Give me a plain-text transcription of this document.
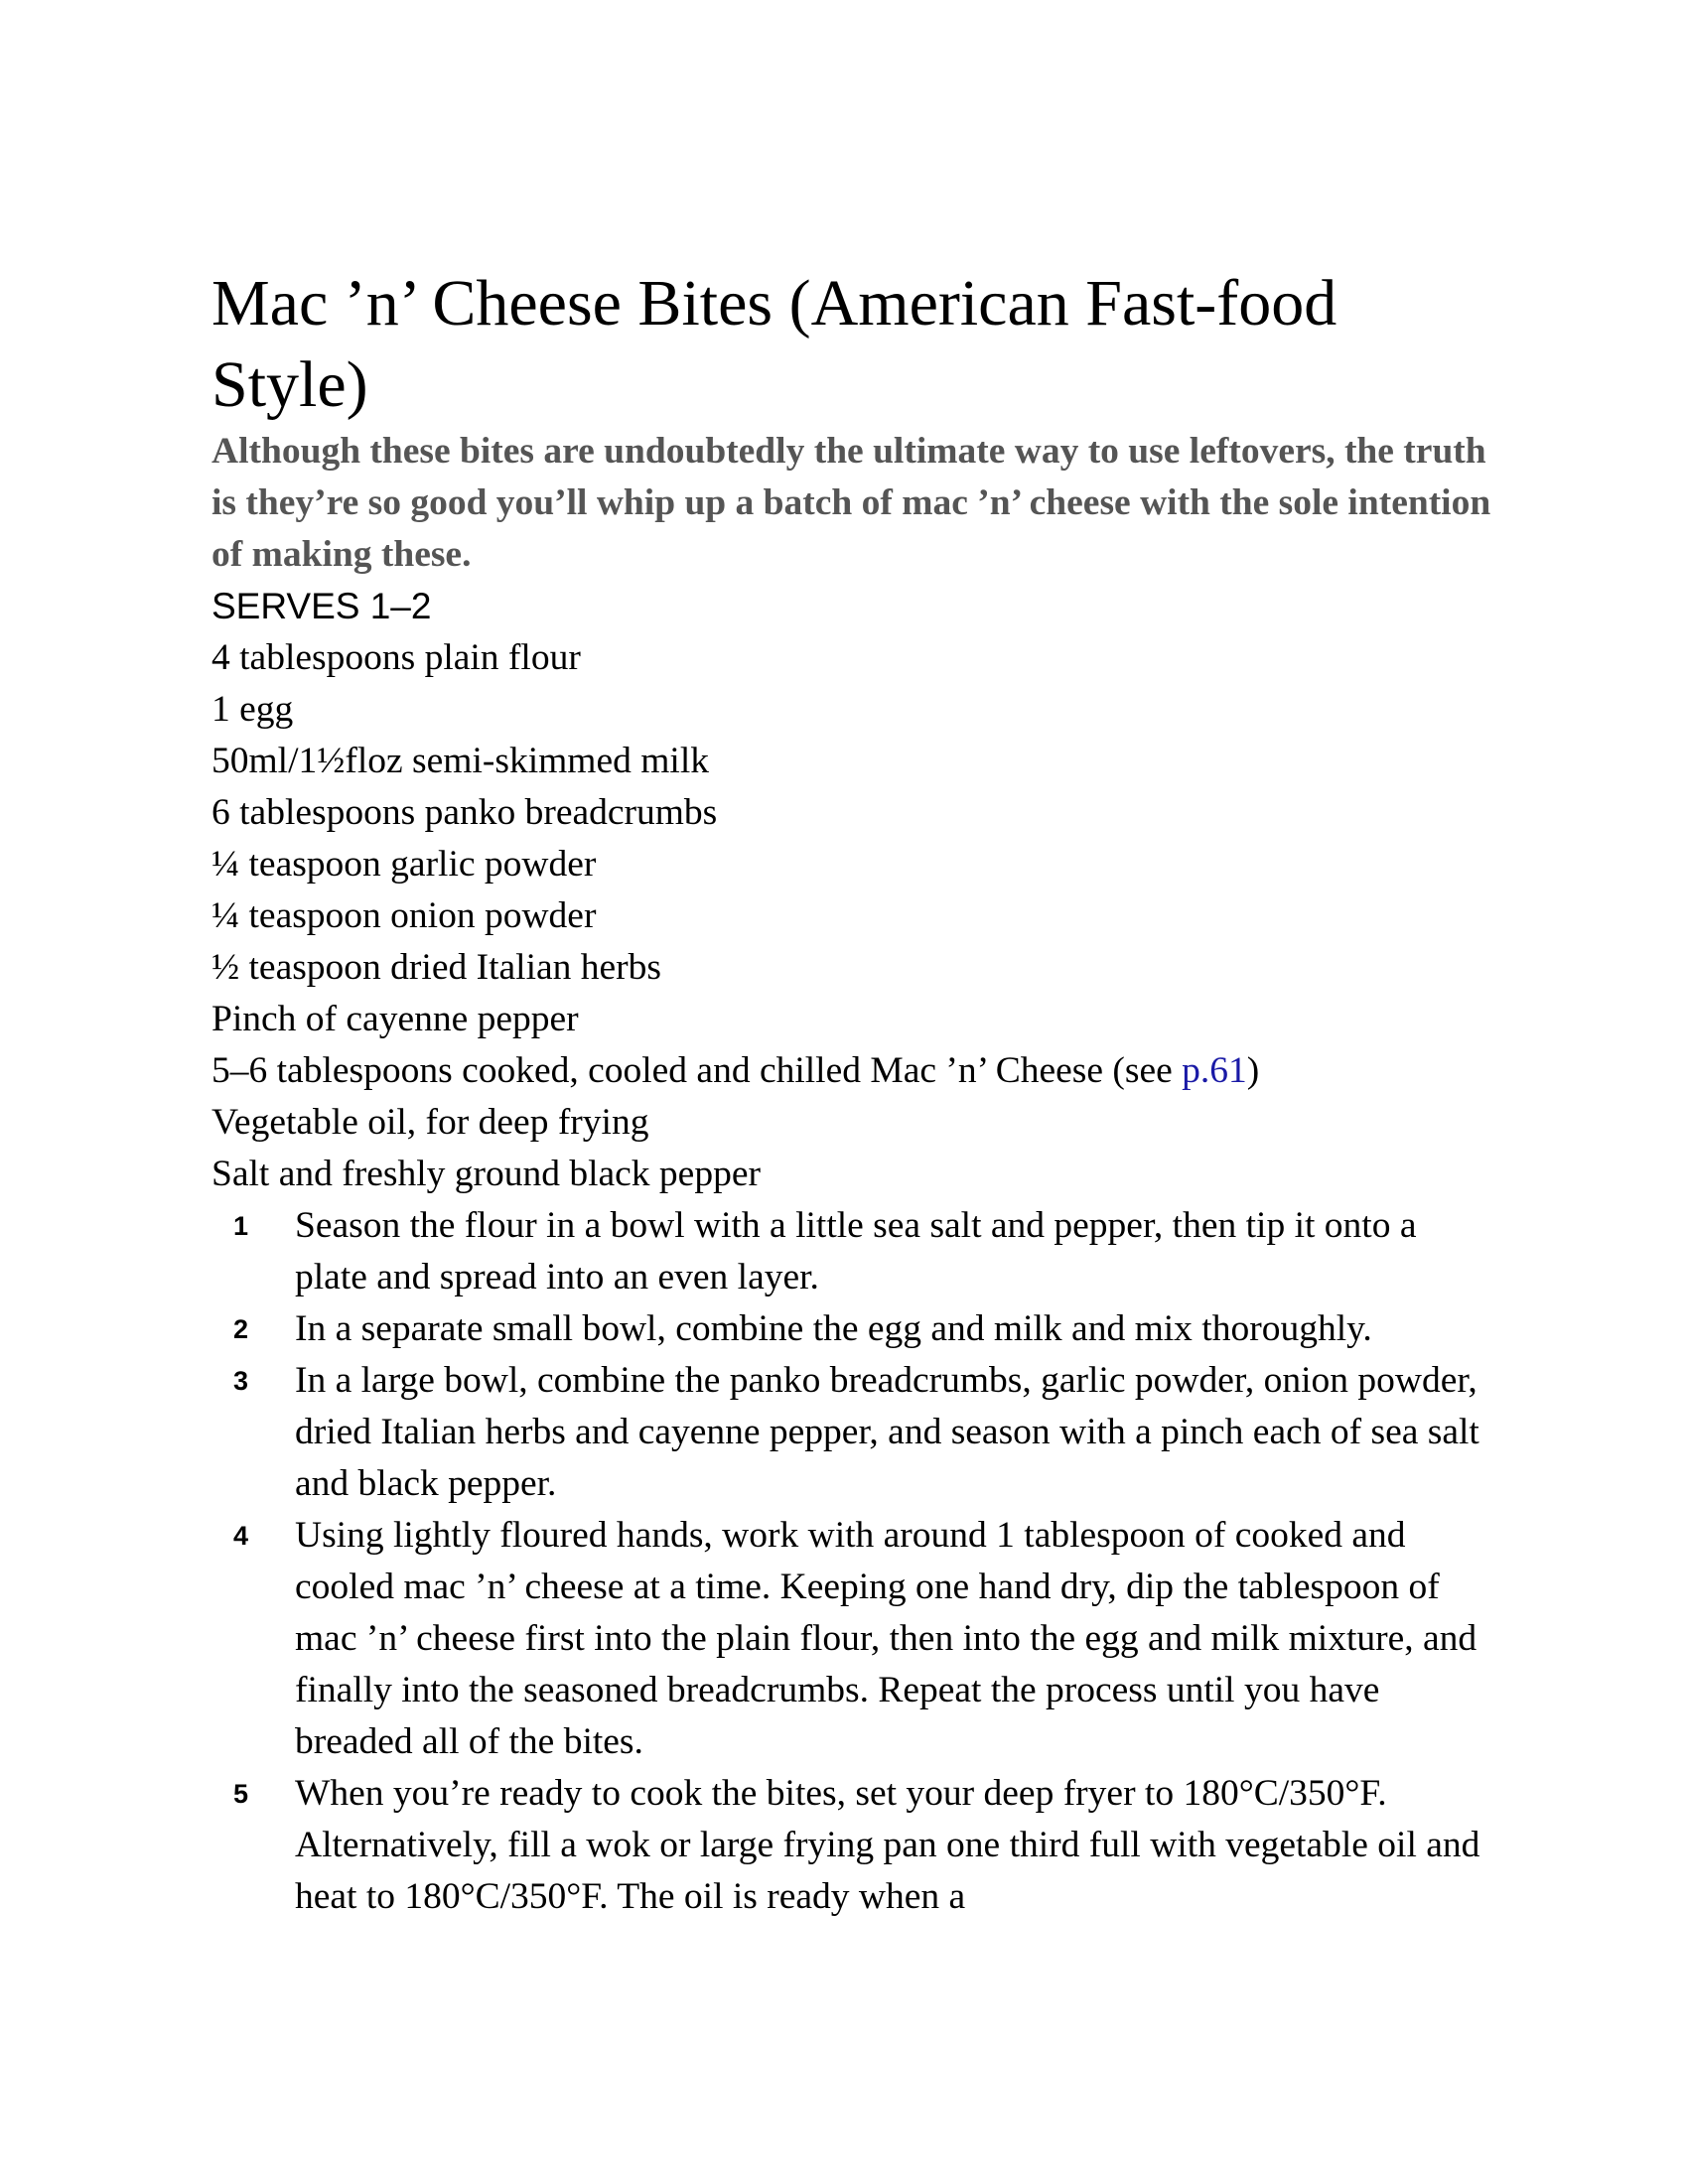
Mac ’n’ Cheese Bites (American Fast-food Style)

Although these bites are undoubtedly the ultimate way to use leftovers, the truth is they’re so good you’ll whip up a batch of mac ’n’ cheese with the sole intention of making these.

SERVES 1–2

4 tablespoons plain flour
1 egg
50ml/1½floz semi-skimmed milk
6 tablespoons panko breadcrumbs
¼ teaspoon garlic powder
¼ teaspoon onion powder
½ teaspoon dried Italian herbs
Pinch of cayenne pepper
5–6 tablespoons cooked, cooled and chilled Mac ’n’ Cheese (see p.61)
Vegetable oil, for deep frying
Salt and freshly ground black pepper
1	Season the flour in a bowl with a little sea salt and pepper, then tip it onto a plate and spread into an even layer.
2	In a separate small bowl, combine the egg and milk and mix thoroughly.
3	In a large bowl, combine the panko breadcrumbs, garlic powder, onion powder, dried Italian herbs and cayenne pepper, and season with a pinch each of sea salt and black pepper.
4	Using lightly floured hands, work with around 1 tablespoon of cooked and cooled mac ’n’ cheese at a time. Keeping one hand dry, dip the tablespoon of mac ’n’ cheese first into the plain flour, then into the egg and milk mixture, and finally into the seasoned breadcrumbs. Repeat the process until you have breaded all of the bites.
5	When you’re ready to cook the bites, set your deep fryer to 180°C/350°F. Alternatively, fill a wok or large frying pan one third full with vegetable oil and heat to 180°C/350°F. The oil is ready when a
